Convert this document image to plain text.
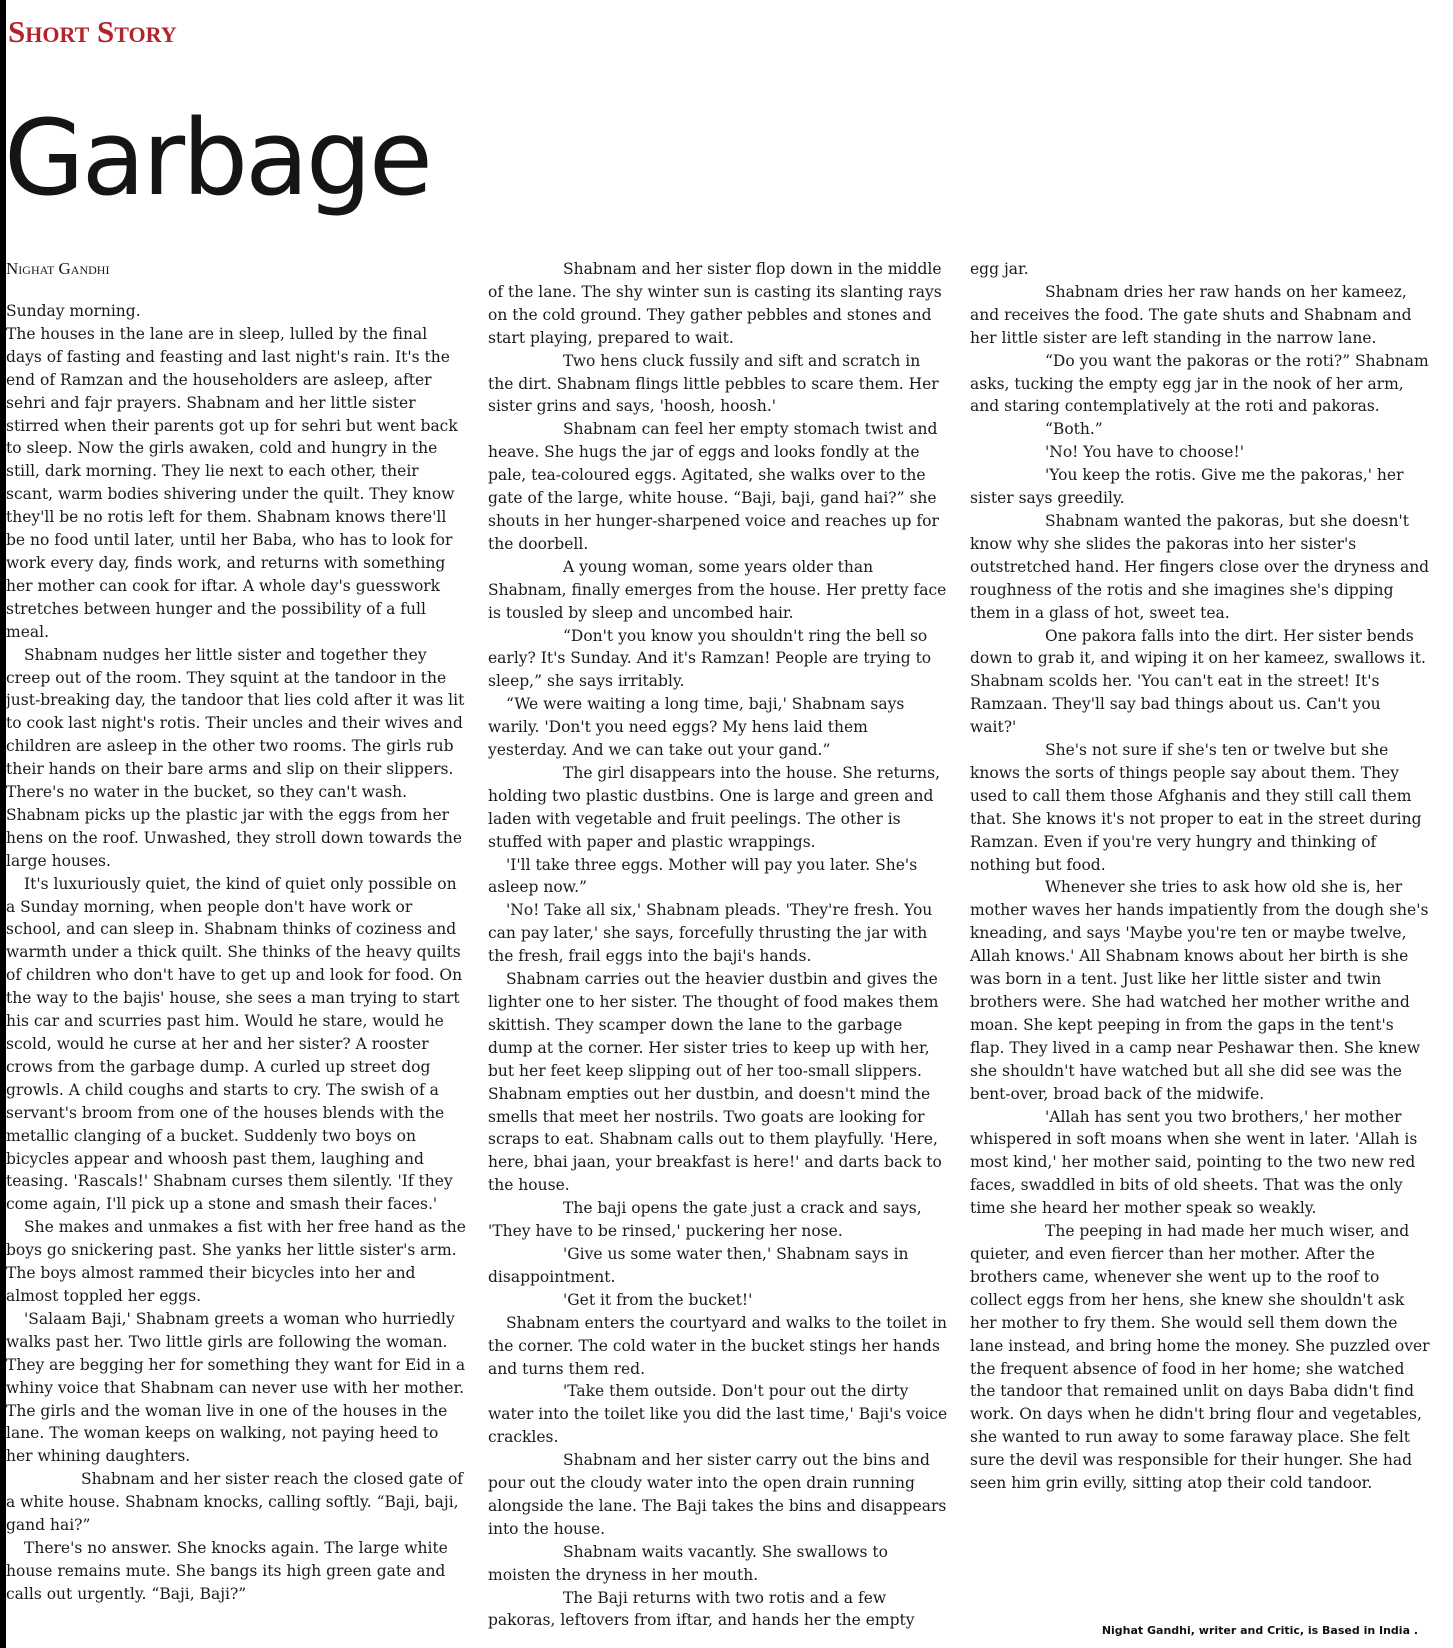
Short Story
Garbage
Nighat Gandhi

Sunday morning.

The houses in the lane are in sleep, lulled by the final days of fasting and feasting and last night's rain. It's the end of Ramzan and the householders are asleep, after sehri and fajr prayers. Shabnam and her little sister stirred when their parents got up for sehri but went back to sleep. Now the girls awaken, cold and hungry in the still, dark morning. They lie next to each other, their scant, warm bodies shivering under the quilt. They know they'll be no rotis left for them. Shabnam knows there'll be no food until later, until her Baba, who has to look for work every day, finds work, and returns with something her mother can cook for iftar. A whole day's guesswork stretches between hunger and the possibility of a full meal.

Shabnam nudges her little sister and together they creep out of the room. They squint at the tandoor in the just-breaking day, the tandoor that lies cold after it was lit to cook last night's rotis. Their uncles and their wives and children are asleep in the other two rooms. The girls rub their hands on their bare arms and slip on their slippers. There's no water in the bucket, so they can't wash. Shabnam picks up the plastic jar with the eggs from her hens on the roof. Unwashed, they stroll down towards the large houses.

It's luxuriously quiet, the kind of quiet only possible on a Sunday morning, when people don't have work or school, and can sleep in. Shabnam thinks of coziness and warmth under a thick quilt. She thinks of the heavy quilts of children who don't have to get up and look for food. On the way to the bajis' house, she sees a man trying to start his car and scurries past him. Would he stare, would he scold, would he curse at her and her sister? A rooster crows from the garbage dump. A curled up street dog growls. A child coughs and starts to cry. The swish of a servant's broom from one of the houses blends with the metallic clanging of a bucket. Suddenly two boys on bicycles appear and whoosh past them, laughing and teasing. 'Rascals!' Shabnam curses them silently. 'If they come again, I'll pick up a stone and smash their faces.'

She makes and unmakes a fist with her free hand as the boys go snickering past. She yanks her little sister's arm. The boys almost rammed their bicycles into her and almost toppled her eggs.

'Salaam Baji,' Shabnam greets a woman who hurriedly walks past her. Two little girls are following the woman. They are begging her for something they want for Eid in a whiny voice that Shabnam can never use with her mother. The girls and the woman live in one of the houses in the lane. The woman keeps on walking, not paying heed to her whining daughters.

Shabnam and her sister reach the closed gate of a white house. Shabnam knocks, calling softly. “Baji, baji, gand hai?”

There's no answer. She knocks again. The large white house remains mute. She bangs its high green gate and calls out urgently. “Baji, Baji?”

Shabnam and her sister flop down in the middle of the lane. The shy winter sun is casting its slanting rays on the cold ground. They gather pebbles and stones and start playing, prepared to wait.

Two hens cluck fussily and sift and scratch in the dirt. Shabnam flings little pebbles to scare them. Her sister grins and says, 'hoosh, hoosh.'

Shabnam can feel her empty stomach twist and heave. She hugs the jar of eggs and looks fondly at the pale, tea-coloured eggs. Agitated, she walks over to the gate of the large, white house. “Baji, baji, gand hai?” she shouts in her hunger-sharpened voice and reaches up for the doorbell.

A young woman, some years older than Shabnam, finally emerges from the house. Her pretty face is tousled by sleep and uncombed hair.

“Don't you know you shouldn't ring the bell so early? It's Sunday. And it's Ramzan! People are trying to sleep,” she says irritably.

“We were waiting a long time, baji,' Shabnam says warily. 'Don't you need eggs? My hens laid them yesterday. And we can take out your gand.”

The girl disappears into the house. She returns, holding two plastic dustbins. One is large and green and laden with vegetable and fruit peelings. The other is stuffed with paper and plastic wrappings.

'I'll take three eggs. Mother will pay you later. She's asleep now.”

'No! Take all six,' Shabnam pleads. 'They're fresh. You can pay later,' she says, forcefully thrusting the jar with the fresh, frail eggs into the baji's hands.

Shabnam carries out the heavier dustbin and gives the lighter one to her sister. The thought of food makes them skittish. They scamper down the lane to the garbage dump at the corner. Her sister tries to keep up with her, but her feet keep slipping out of her too-small slippers. Shabnam empties out her dustbin, and doesn't mind the smells that meet her nostrils. Two goats are looking for scraps to eat. Shabnam calls out to them playfully. 'Here, here, bhai jaan, your breakfast is here!' and darts back to the house.

The baji opens the gate just a crack and says, 'They have to be rinsed,' puckering her nose.

'Give us some water then,' Shabnam says in disappointment.

'Get it from the bucket!'

Shabnam enters the courtyard and walks to the toilet in the corner. The cold water in the bucket stings her hands and turns them red.

'Take them outside. Don't pour out the dirty water into the toilet like you did the last time,' Baji's voice crackles.

Shabnam and her sister carry out the bins and pour out the cloudy water into the open drain running alongside the lane. The Baji takes the bins and disappears into the house.

Shabnam waits vacantly. She swallows to moisten the dryness in her mouth.

The Baji returns with two rotis and a few pakoras, leftovers from iftar, and hands her the empty

egg jar.

Shabnam dries her raw hands on her kameez, and receives the food. The gate shuts and Shabnam and her little sister are left standing in the narrow lane.

“Do you want the pakoras or the roti?” Shabnam asks, tucking the empty egg jar in the nook of her arm, and staring contemplatively at the roti and pakoras.

“Both.”

'No! You have to choose!'

'You keep the rotis. Give me the pakoras,' her sister says greedily.

Shabnam wanted the pakoras, but she doesn't know why she slides the pakoras into her sister's outstretched hand. Her fingers close over the dryness and roughness of the rotis and she imagines she's dipping them in a glass of hot, sweet tea.

One pakora falls into the dirt. Her sister bends down to grab it, and wiping it on her kameez, swallows it. Shabnam scolds her. 'You can't eat in the street! It's Ramzaan. They'll say bad things about us. Can't you wait?'

She's not sure if she's ten or twelve but she knows the sorts of things people say about them. They used to call them those Afghanis and they still call them that. She knows it's not proper to eat in the street during Ramzan. Even if you're very hungry and thinking of nothing but food.

Whenever she tries to ask how old she is, her mother waves her hands impatiently from the dough she's kneading, and says 'Maybe you're ten or maybe twelve, Allah knows.' All Shabnam knows about her birth is she was born in a tent. Just like her little sister and twin brothers were. She had watched her mother writhe and moan. She kept peeping in from the gaps in the tent's flap. They lived in a camp near Peshawar then. She knew she shouldn't have watched but all she did see was the bent-over, broad back of the midwife.

'Allah has sent you two brothers,' her mother whispered in soft moans when she went in later. 'Allah is most kind,' her mother said, pointing to the two new red faces, swaddled in bits of old sheets. That was the only time she heard her mother speak so weakly.

The peeping in had made her much wiser, and quieter, and even fiercer than her mother. After the brothers came, whenever she went up to the roof to collect eggs from her hens, she knew she shouldn't ask her mother to fry them. She would sell them down the lane instead, and bring home the money. She puzzled over the frequent absence of food in her home; she watched the tandoor that remained unlit on days Baba didn't find work. On days when he didn't bring flour and vegetables, she wanted to run away to some faraway place. She felt sure the devil was responsible for their hunger. She had seen him grin evilly, sitting atop their cold tandoor.

Nighat Gandhi, writer and Critic, is Based in India .
